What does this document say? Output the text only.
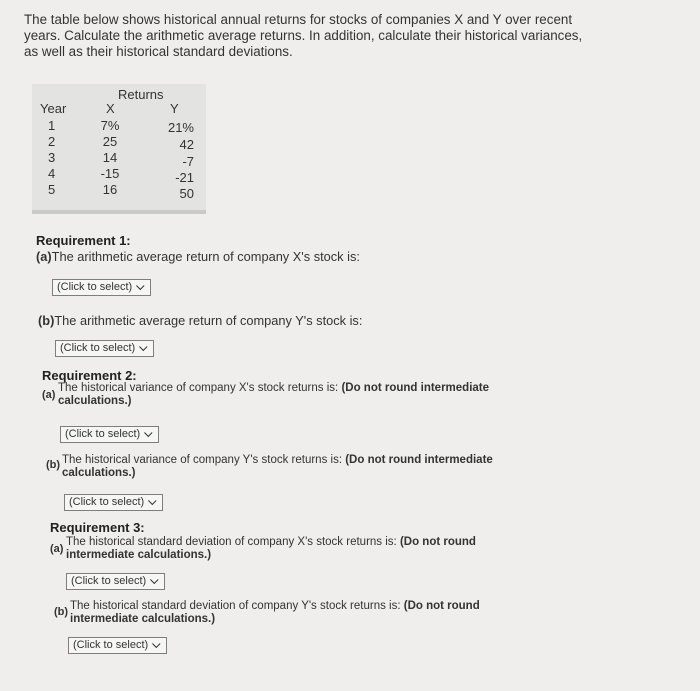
The table below shows historical annual returns for stocks of companies X and Y over recent years. Calculate the arithmetic average returns. In addition, calculate their historical variances, as well as their historical standard deviations.
Returns
Year	X	Y
1
2
3
4
5
7%
25
14
-15
16
21%
42
-7
-21
50
Requirement 1:
(a)The arithmetic average return of company X's stock is:
(Click to select)
(b)The arithmetic average return of company Y's stock is:
(Click to select)
Requirement 2:
(a)
The historical variance of company X's stock returns is: (Do not round intermediate calculations.)
(Click to select)
(b) The historical variance of company Y's stock returns is: (Do not round intermediate calculations.)
(Click to select)
Requirement 3:
(a)
The historical standard deviation of company X's stock returns is: (Do not round intermediate calculations.)
(Click to select)
(b) The historical standard deviation of company Y's stock returns is: (Do not round intermediate calculations.)
(Click to select)
